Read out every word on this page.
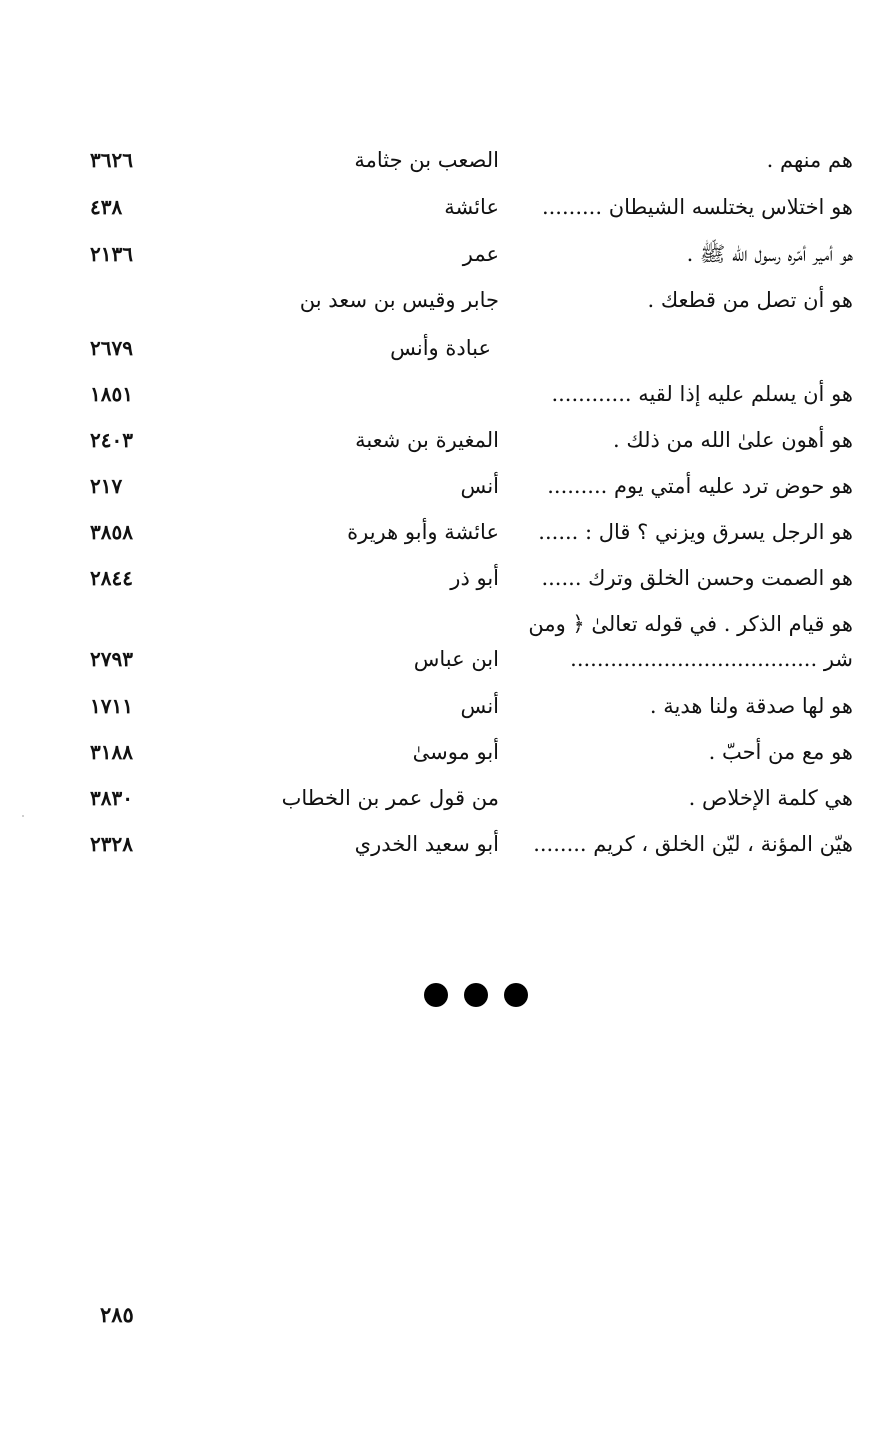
هم منهم .
الصعب بن جثامة
٣٦٢٦
هو اختلاس يختلسه الشيطان .........
عائشة
٤٣٨
هو أمير أمّره رسول الله ﷺ .
عمر
٢١٣٦
هو أن تصل من قطعك .
جابر وقيس بن سعد بن
عبادة وأنس
٢٦٧٩
هو أن يسلم عليه إذا لقيه ............
١٨٥١
هو أهون علىٰ الله من ذلك .
المغيرة بن شعبة
٢٤٠٣
هو حوض ترد عليه أمتي يوم .........
أنس
٢١٧
هو الرجل يسرق ويزني ؟ قال : ......
عائشة وأبو هريرة
٣٨٥٨
هو الصمت وحسن الخلق وترك ......
أبو ذر
٢٨٤٤
هو قيام الذكر . في قوله تعالىٰ ﴿ ومن
شر .....................................
ابن عباس
٢٧٩٣
هو لها صدقة ولنا هدية .
أنس
١٧١١
هو مع من أحبّ .
أبو موسىٰ
٣١٨٨
هي كلمة الإخلاص .
من قول عمر بن الخطاب
٣٨٣٠
هيّن المؤنة ، ليّن الخلق ، كريم ........
أبو سعيد الخدري
٢٣٢٨
٢٨٥
